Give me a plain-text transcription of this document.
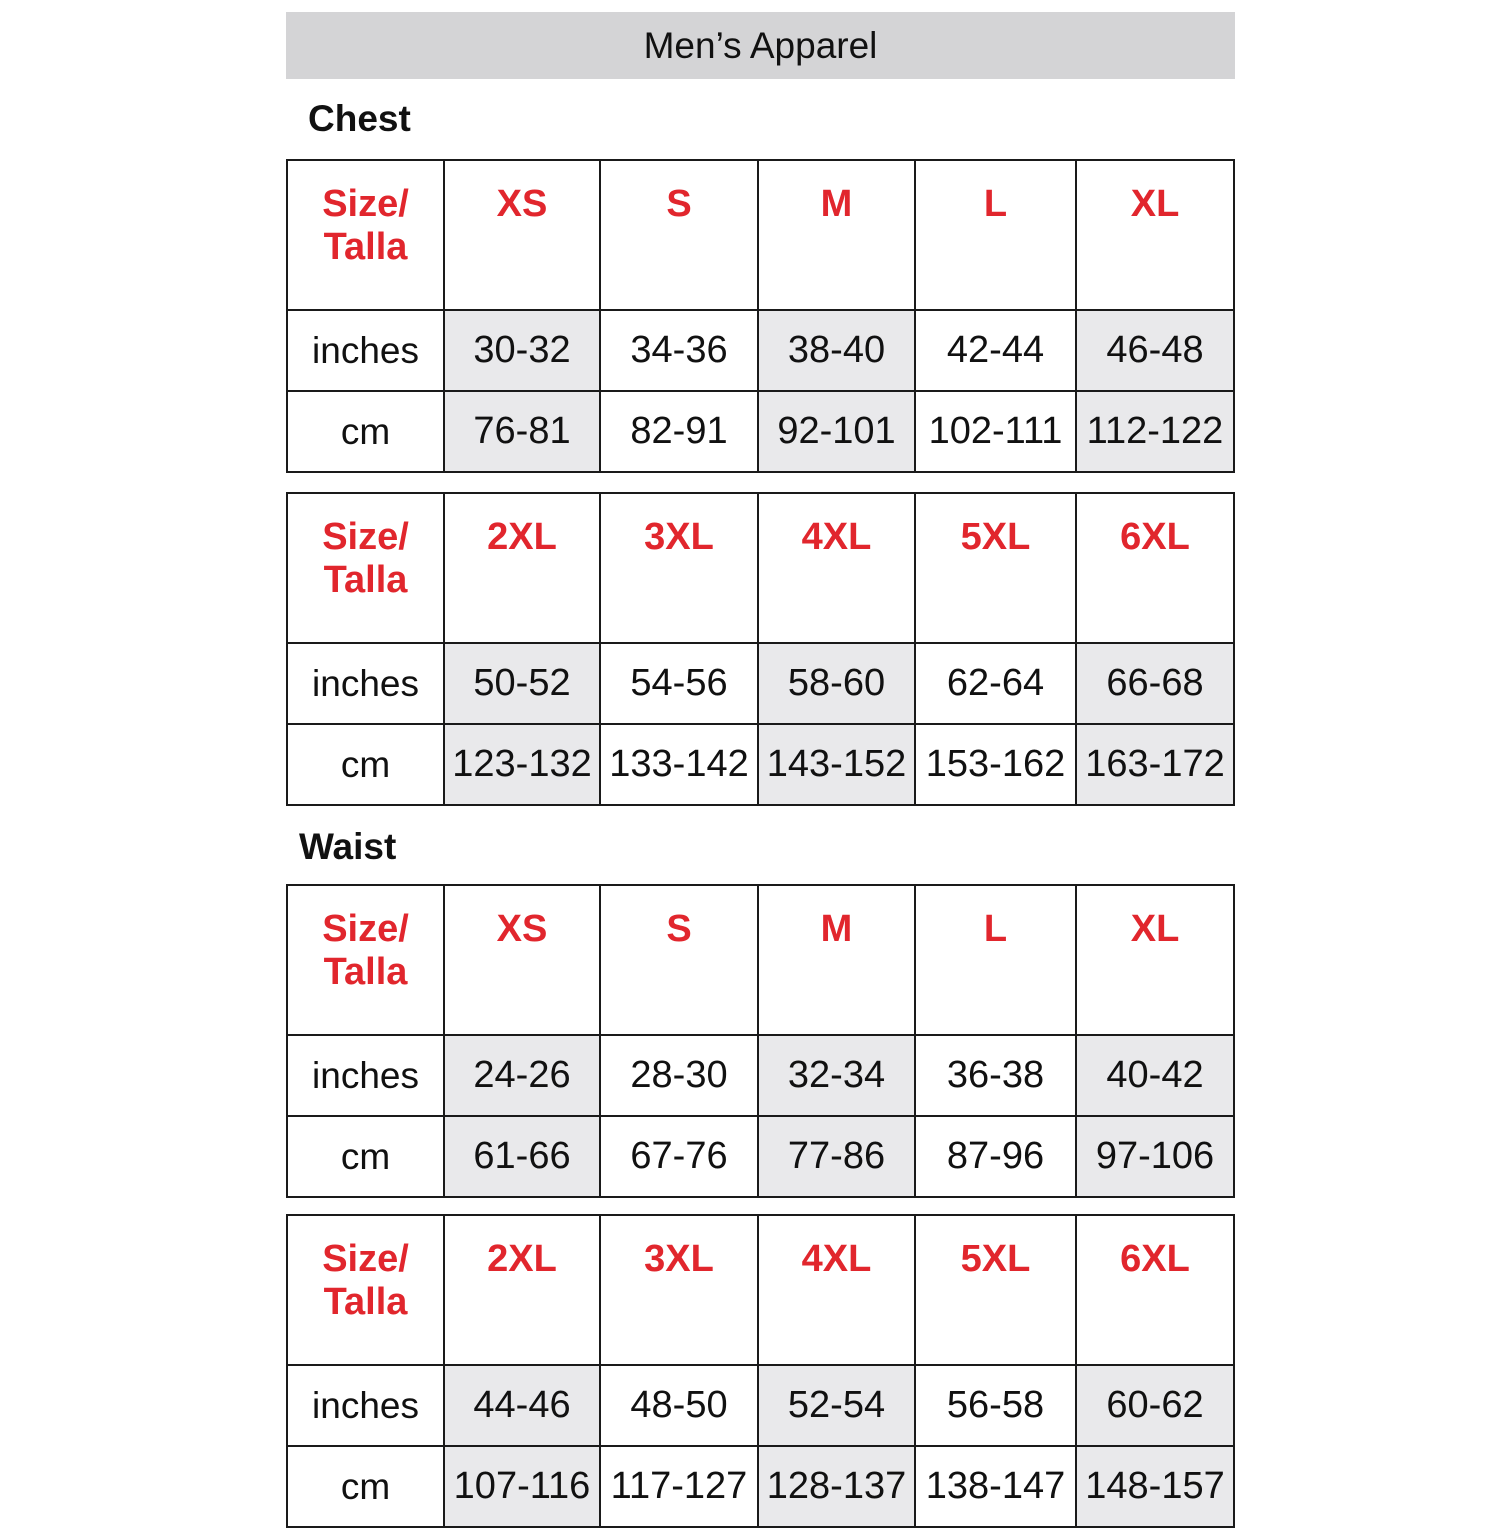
Men’s Apparel
Chest
Waist
Size/ Talla	XS	S	M	L	XL
inches	30-32	34-36	38-40	42-44	46-48
cm	76-81	82-91	92-101	102-111	112-122
Size/ Talla	2XL	3XL	4XL	5XL	6XL
inches	50-52	54-56	58-60	62-64	66-68
cm	123-132	133-142	143-152	153-162	163-172
Size/ Talla	XS	S	M	L	XL
inches	24-26	28-30	32-34	36-38	40-42
cm	61-66	67-76	77-86	87-96	97-106
Size/ Talla	2XL	3XL	4XL	5XL	6XL
inches	44-46	48-50	52-54	56-58	60-62
cm	107-116	117-127	128-137	138-147	148-157
